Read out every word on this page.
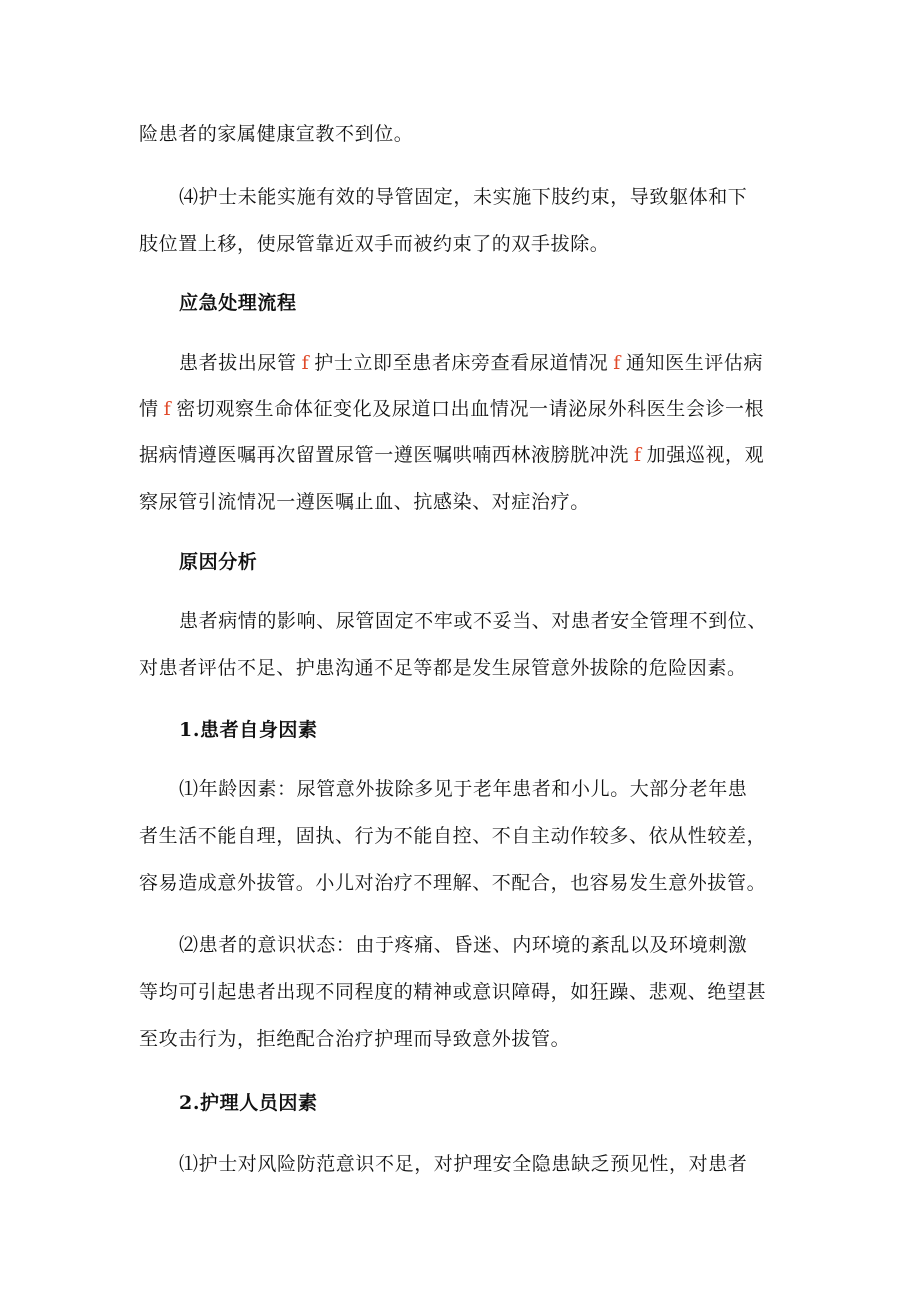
险患者的家属健康宣教不到位。
⑷护士未能实施有效的导管固定，未实施下肢约束，导致躯体和下
肢位置上移，使尿管靠近双手而被约束了的双手拔除。
应急处理流程
患者拔出尿管 f 护士立即至患者床旁查看尿道情况 f 通知医生评估病
情 f 密切观察生命体征变化及尿道口出血情况一请泌尿外科医生会诊一根
据病情遵医嘱再次留置尿管一遵医嘱哄喃西林液膀胱冲洗 f 加强巡视，观
察尿管引流情况一遵医嘱止血、抗感染、对症治疗。
原因分析
患者病情的影响、尿管固定不牢或不妥当、对患者安全管理不到位、
对患者评估不足、护患沟通不足等都是发生尿管意外拔除的危险因素。
1.患者自身因素
⑴年龄因素：尿管意外拔除多见于老年患者和小儿。大部分老年患
者生活不能自理，固执、行为不能自控、不自主动作较多、依从性较差，
容易造成意外拔管。小儿对治疗不理解、不配合，也容易发生意外拔管。
⑵患者的意识状态：由于疼痛、昏迷、内环境的紊乱以及环境刺激
等均可引起患者出现不同程度的精神或意识障碍，如狂躁、悲观、绝望甚
至攻击行为，拒绝配合治疗护理而导致意外拔管。
2.护理人员因素
⑴护士对风险防范意识不足，对护理安全隐患缺乏预见性，对患者
